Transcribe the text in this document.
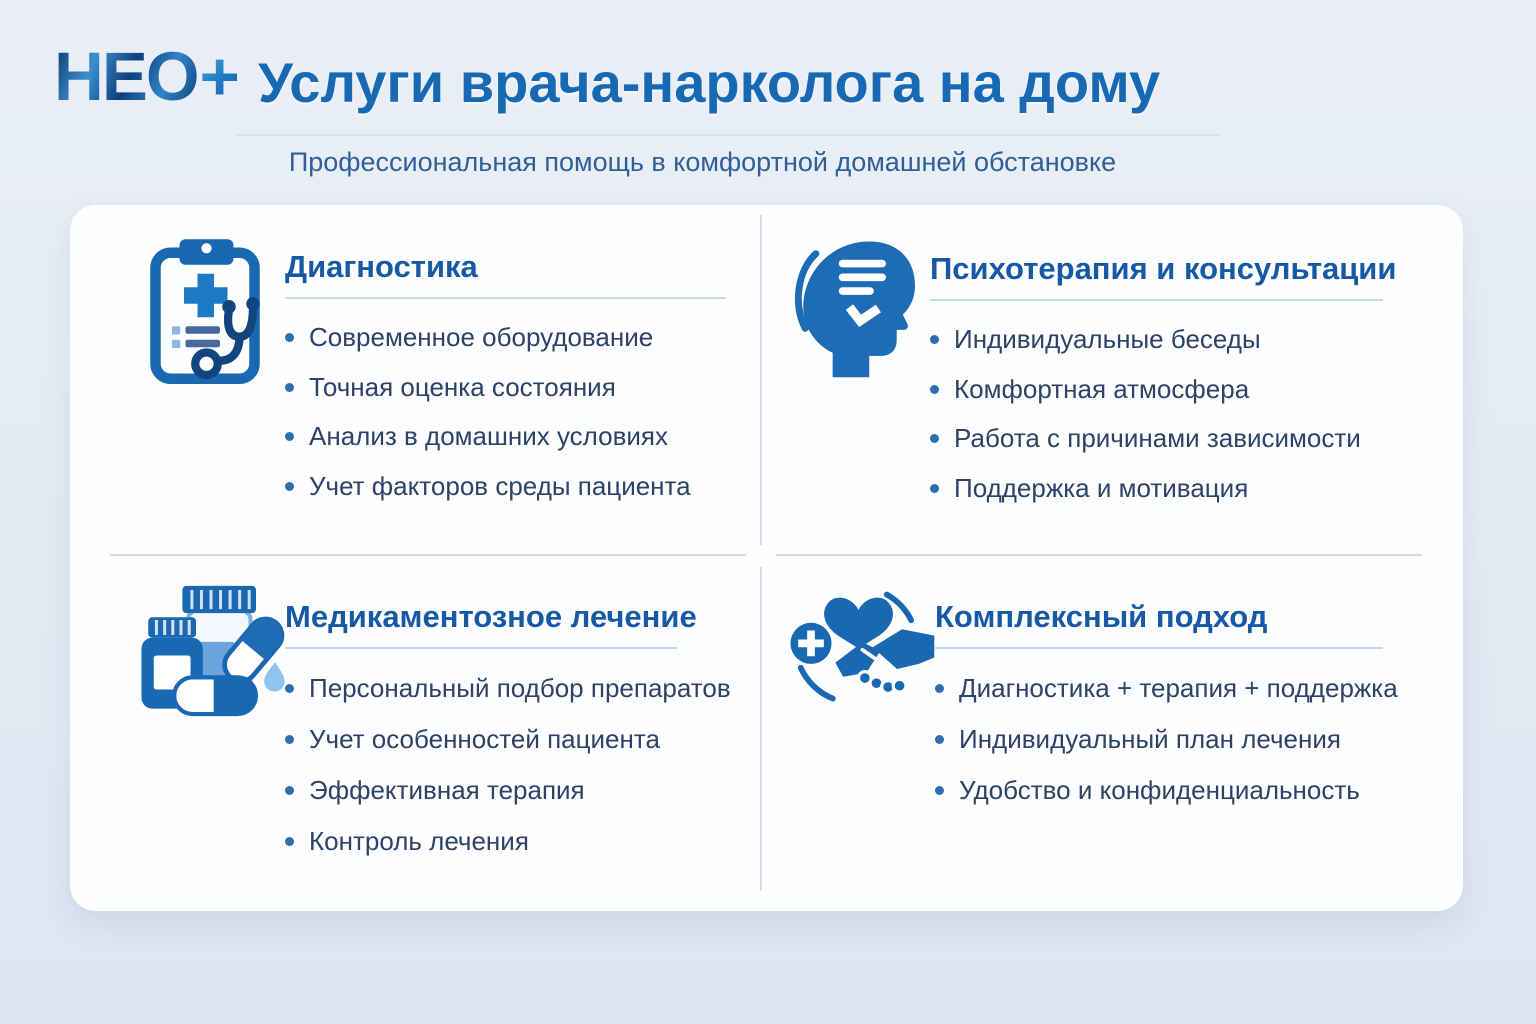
НЕО+ Услуги врача-нарколога на дому
Профессиональная помощь в комфортной домашней обстановке
Диагностика
Современное оборудование
Точная оценка состояния
Анализ в домашних условиях
Учет факторов среды пациента
Психотерапия и консультации
Индивидуальные беседы
Комфортная атмосфера
Работа с причинами зависимости
Поддержка и мотивация
Медикаментозное лечение
Персональный подбор препаратов
Учет особенностей пациента
Эффективная терапия
Контроль лечения
Комплексный подход
Диагностика + терапия + поддержка
Индивидуальный план лечения
Удобство и конфиденциальность
